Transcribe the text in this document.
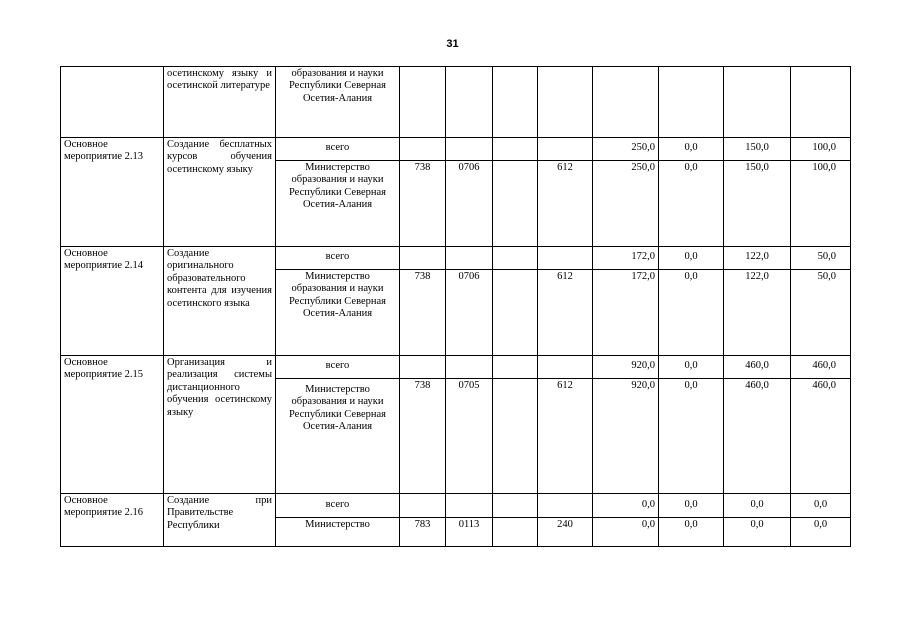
31
	осетинскому языку и осетинской литературе	образования и науки Республики Северная Осетия-Алания								
Основное мероприятие 2.13	Создание бесплатных курсов обучения осетинскому языку	всего					250,0	0,0	150,0	100,0
		Министерство образования и науки Республики Северная Осетия-Алания	738	0706		612	250,0	0,0	150,0	100,0
Основное мероприятие 2.14	Создание оригинального образовательного контента для изучения осетинского языка	всего					172,0	0,0	122,0	50,0
		Министерство образования и науки Республики Северная Осетия-Алания	738	0706		612	172,0	0,0	122,0	50,0
Основное мероприятие 2.15	Организация и реализация системы дистанционного обучения осетинскому языку	всего					920,0	0,0	460,0	460,0
		Министерство образования и науки Республики Северная Осетия-Алания	738	0705		612	920,0	0,0	460,0	460,0
Основное мероприятие 2.16	Создание при Правительстве Республики	всего					0,0	0,0	0,0	0,0
		Министерство	783	0113		240	0,0	0,0	0,0	0,0
